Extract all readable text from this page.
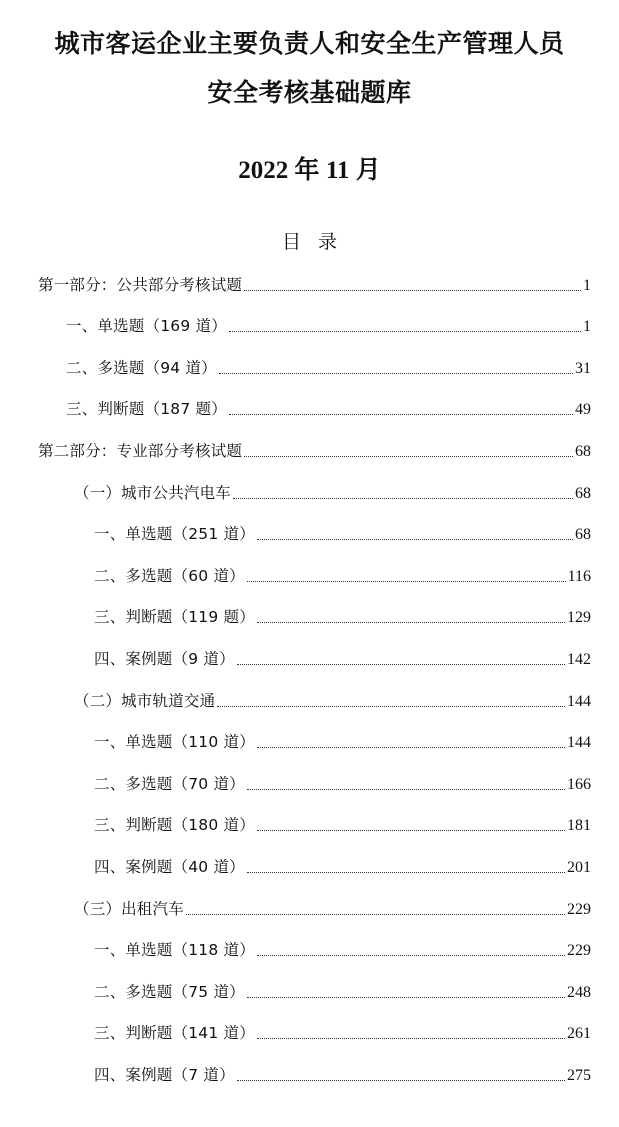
城市客运企业主要负责人和安全生产管理人员
安全考核基础题库
2022 年 11 月
目录
第一部分：公共部分考核试题	1
一、单选题（169 道）	1
二、多选题（94 道）	31
三、判断题（187 题）	49
第二部分：专业部分考核试题	68
（一）城市公共汽电车	68
一、单选题（251 道）	68
二、多选题（60 道）	116
三、判断题（119 题）	129
四、案例题（9 道）	142
（二）城市轨道交通	144
一、单选题（110 道）	144
二、多选题（70 道）	166
三、判断题（180 道）	181
四、案例题（40 道）	201
（三）出租汽车	229
一、单选题（118 道）	229
二、多选题（75 道）	248
三、判断题（141 道）	261
四、案例题（7 道）	275
